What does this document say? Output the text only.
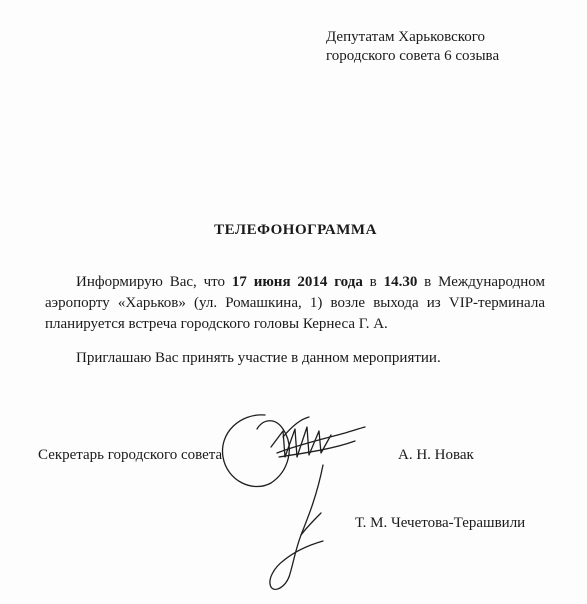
Депутатам Харьковского
городского совета 6 созыва
ТЕЛЕФОНОГРАММА
Информирую Вас, что 17 июня 2014 года в 14.30 в Международном аэропорту «Харьков» (ул. Ромашкина, 1) возле выхода из VIP-терминала планируется встреча городского головы Кернеса Г. А.
Приглашаю Вас принять участие в данном мероприятии.
Секретарь городского совета	А. Н. Новак
Т. М. Чечетова-Терашвили
